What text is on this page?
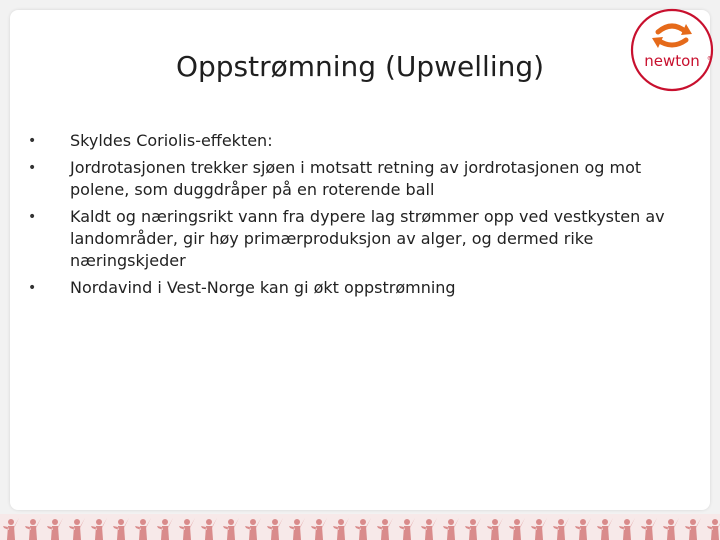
newton ®
Oppstrømning (Upwelling)
• Skyldes Coriolis-effekten:
• Jordrotasjonen trekker sjøen i motsatt retning av jordrotasjonen og mot polene, som duggdråper på en roterende ball
• Kaldt og næringsrikt vann fra dypere lag strømmer opp ved vestkysten av landområder, gir høy primærproduksjon av alger, og dermed rike næringskjeder
• Nordavind i Vest-Norge kan gi økt oppstrømning
